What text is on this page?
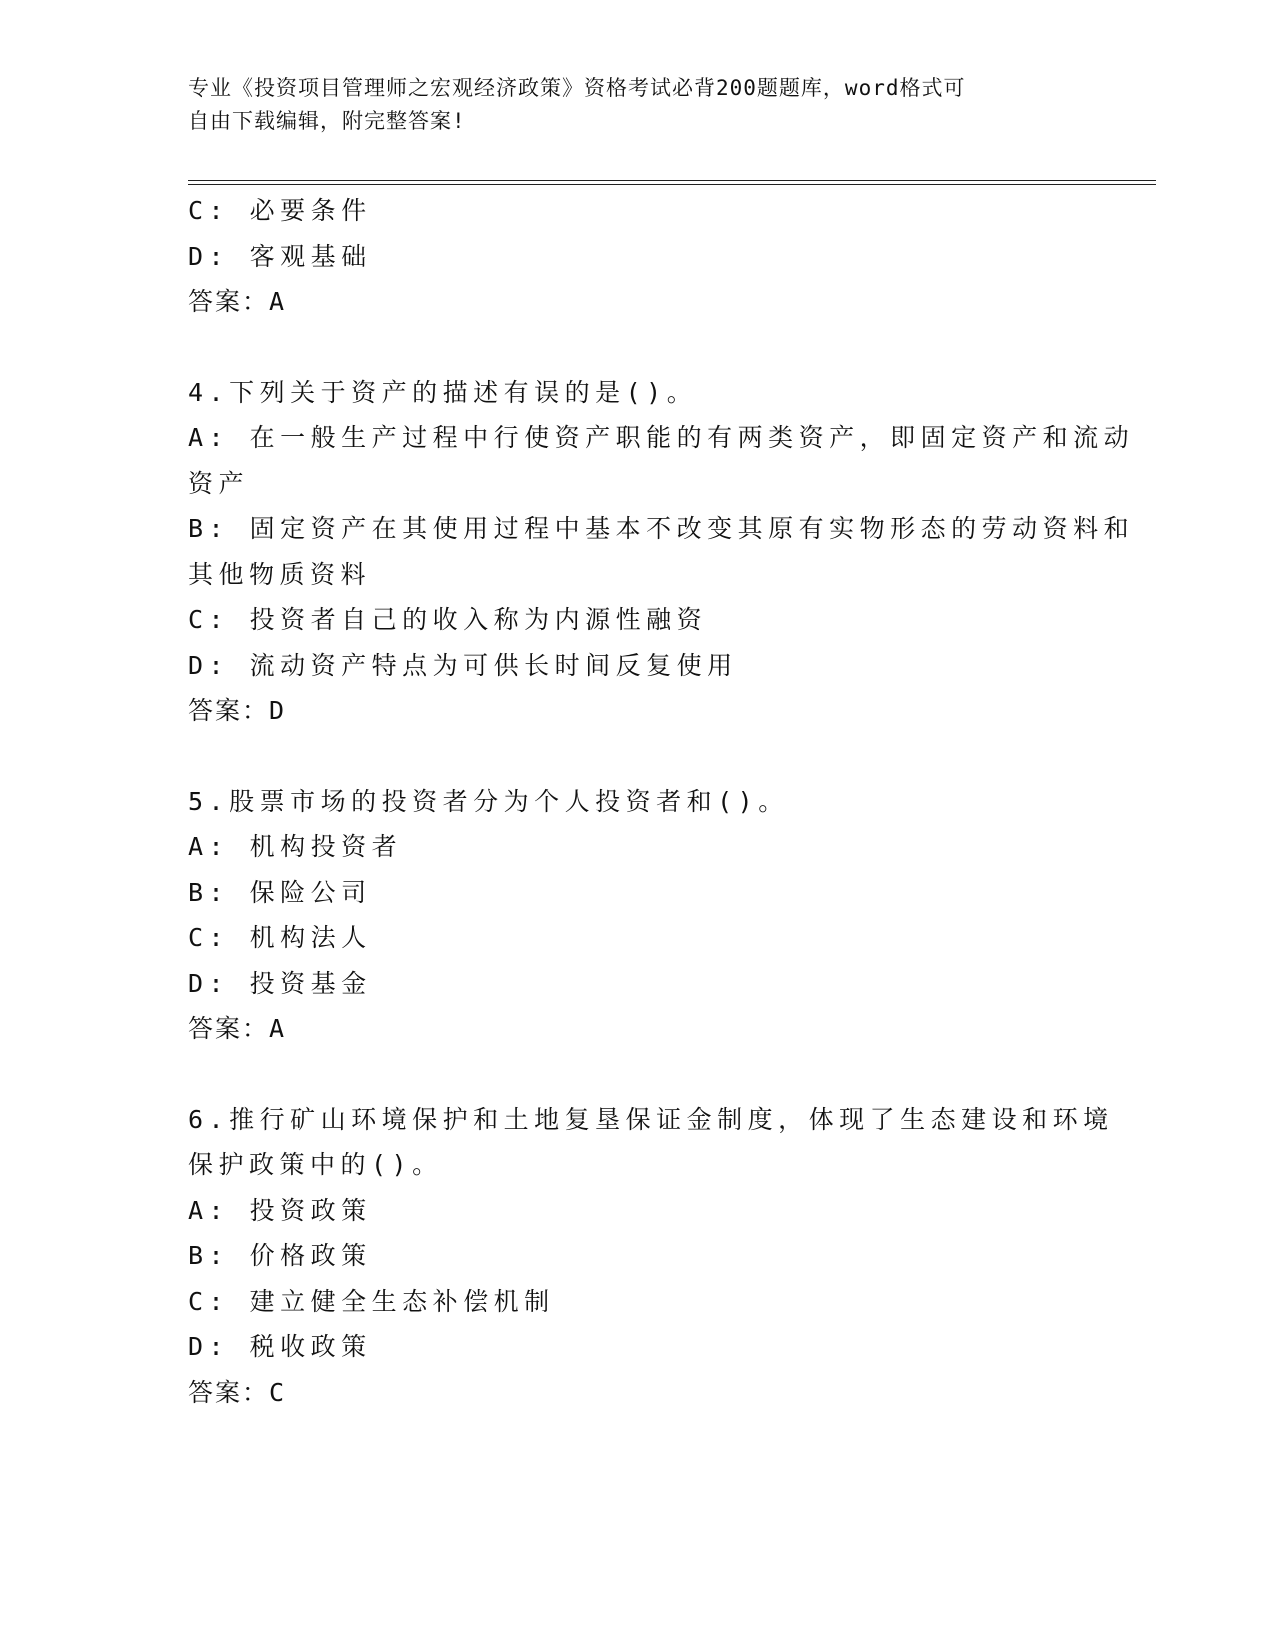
专业《投资项目管理师之宏观经济政策》资格考试必背200题题库，word格式可
自由下载编辑，附完整答案!
C: 必要条件
D: 客观基础
答案：A
4.下列关于资产的描述有误的是()。
A: 在一般生产过程中行使资产职能的有两类资产，即固定资产和流动
资产
B: 固定资产在其使用过程中基本不改变其原有实物形态的劳动资料和
其他物质资料
C: 投资者自己的收入称为内源性融资
D: 流动资产特点为可供长时间反复使用
答案：D
5.股票市场的投资者分为个人投资者和()。
A: 机构投资者
B: 保险公司
C: 机构法人
D: 投资基金
答案：A
6.推行矿山环境保护和土地复垦保证金制度，体现了生态建设和环境
保护政策中的()。
A: 投资政策
B: 价格政策
C: 建立健全生态补偿机制
D: 税收政策
答案：C
